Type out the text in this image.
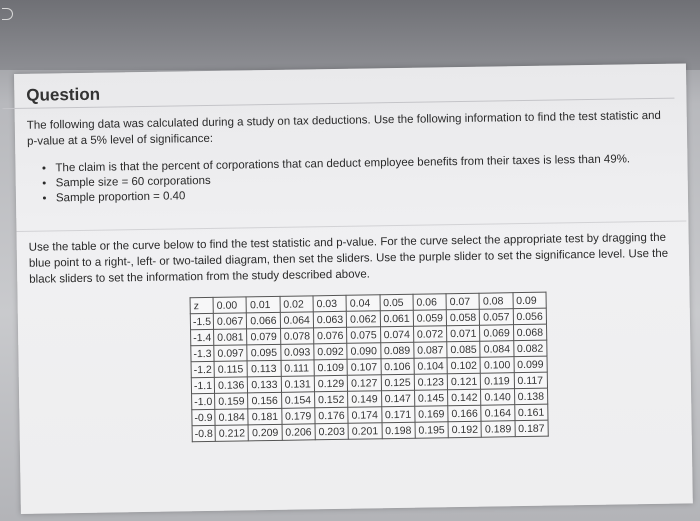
Question
The following data was calculated during a study on tax deductions. Use the following information to find the test statistic and p-value at a 5% level of significance:
• The claim is that the percent of corporations that can deduct employee benefits from their taxes is less than 49%.
• Sample size = 60 corporations
• Sample proportion = 0.40
Use the table or the curve below to find the test statistic and p-value. For the curve select the appropriate test by dragging the blue point to a right-, left- or two-tailed diagram, then set the sliders. Use the purple slider to set the significance level. Use the black sliders to set the information from the study described above.
z	0.00	0.01	0.02	0.03	0.04	0.05	0.06	0.07	0.08	0.09
-1.5	0.067	0.066	0.064	0.063	0.062	0.061	0.059	0.058	0.057	0.056
-1.4	0.081	0.079	0.078	0.076	0.075	0.074	0.072	0.071	0.069	0.068
-1.3	0.097	0.095	0.093	0.092	0.090	0.089	0.087	0.085	0.084	0.082
-1.2	0.115	0.113	0.111	0.109	0.107	0.106	0.104	0.102	0.100	0.099
-1.1	0.136	0.133	0.131	0.129	0.127	0.125	0.123	0.121	0.119	0.117
-1.0	0.159	0.156	0.154	0.152	0.149	0.147	0.145	0.142	0.140	0.138
-0.9	0.184	0.181	0.179	0.176	0.174	0.171	0.169	0.166	0.164	0.161
-0.8	0.212	0.209	0.206	0.203	0.201	0.198	0.195	0.192	0.189	0.187
